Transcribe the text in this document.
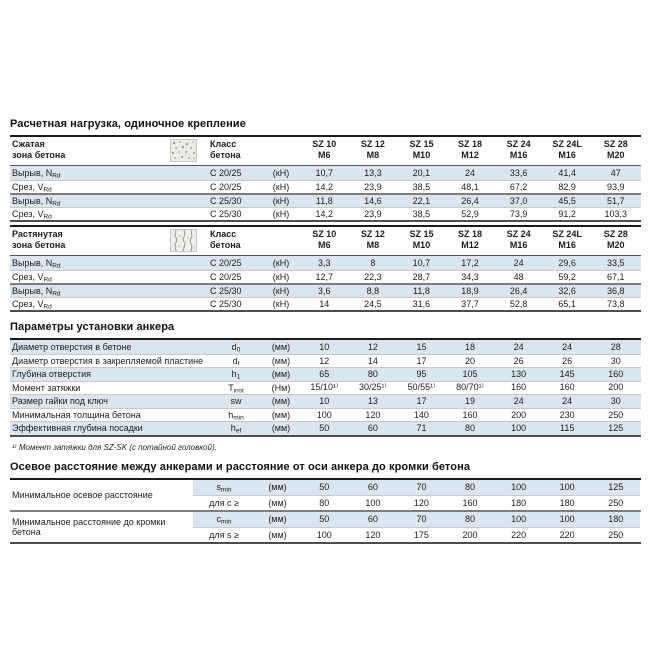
Расчетная нагрузка, одиночное крепление
Сжатая
зона бетона
Класс
бетона
SZ 10	SZ 12	SZ 15	SZ 18	SZ 24	SZ 24L	SZ 28
M6	M8	M10	M12	M16	M16	M20
Вырыв, $N_{Rd}$	C 20/25	(кН)	10,7	13,3	20,1	24	33,6	41,4	47
Срез, $V_{Rd}$	C 20/25	(кН)	14,2	23,9	38,5	48,1	67,2	82,9	93,9
Вырыв, $N_{Rd}$	C 25/30	(кН)	11,8	14,6	22,1	26,4	37,0	45,5	51,7
Срез, $V_{Rd}$	C 25/30	(кН)	14,2	23,9	38,5	52,9	73,9	91,2	103,3
Растянутая
зона бетона
Класс
бетона
SZ 10	SZ 12	SZ 15	SZ 18	SZ 24	SZ 24L	SZ 28
M6	M8	M10	M12	M16	M16	M20
Вырыв, $N_{Rd}$	C 20/25	(кН)	3,3	8	10,7	17,2	24	29,6	33,5
Срез, $V_{Rd}$	C 20/25	(кН)	12,7	22,3	28,7	34,3	48	59,2	67,1
Вырыв, $N_{Rd}$	C 25/30	(кН)	3,6	8,8	11,8	18,9	26,4	32,6	36,8
Срез, $V_{Rd}$	C 25/30	(кН)	14	24,5	31,6	37,7	52,8	65,1	73,8
Параметры установки анкера
Диаметр отверстия в бетоне	$d_0$	(мм)	10	12	15	18	24	24	28
Диаметр отверстия в закрепляемой пластине	$d_f$	(мм)	12	14	17	20	26	26	30
Глубина отверстия	$h_1$	(мм)	65	80	95	105	130	145	160
Момент затяжки	$T_{inst}$	(Нм)	15/10¹⁾	30/25¹⁾	50/55¹⁾	80/70¹⁾	160	160	200
Размер гайки под ключ	sw	(мм)	10	13	17	19	24	24	30
Минимальная толщина бетона	$h_{min}$	(мм)	100	120	140	160	200	230	250
Эффективная глубина посадки	$h_{ef}$	(мм)	50	60	71	80	100	115	125
¹⁾ Момент затяжки для SZ-SK (с потайной головкой).
Осевое расстояние между анкерами и расстояние от оси анкера до кромки бетона
Минимальное осевое расстояние
$s_{min}$	(мм)	50	60	70	80	100	100	125
для c ≥	(мм)	80	100	120	160	180	180	250
Минимальное расстояние до кромки бетона
$c_{min}$	(мм)	50	60	70	80	100	100	180
для s ≥	(мм)	100	120	175	200	220	220	250
